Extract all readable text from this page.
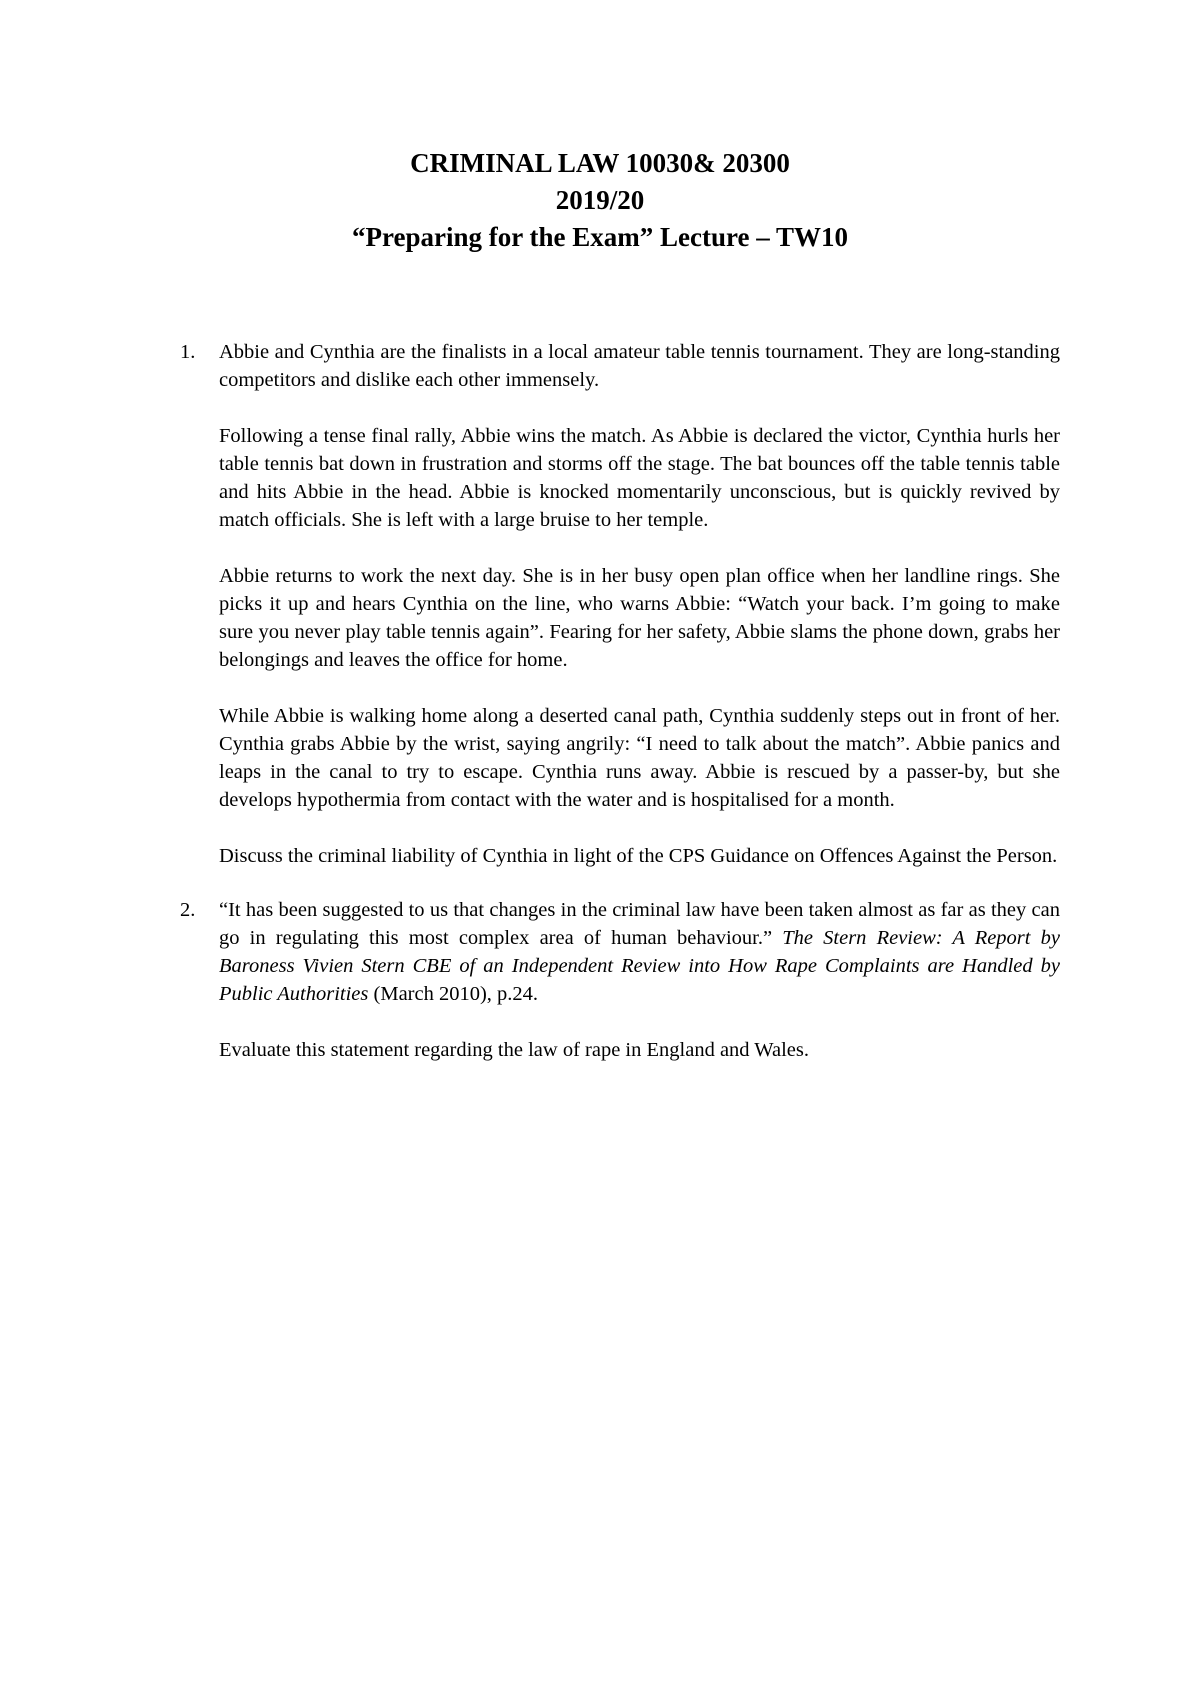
CRIMINAL LAW 10030& 20300
2019/20
“Preparing for the Exam” Lecture – TW10
1. Abbie and Cynthia are the finalists in a local amateur table tennis tournament. They are long-standing competitors and dislike each other immensely.

Following a tense final rally, Abbie wins the match. As Abbie is declared the victor, Cynthia hurls her table tennis bat down in frustration and storms off the stage. The bat bounces off the table tennis table and hits Abbie in the head. Abbie is knocked momentarily unconscious, but is quickly revived by match officials. She is left with a large bruise to her temple.

Abbie returns to work the next day. She is in her busy open plan office when her landline rings. She picks it up and hears Cynthia on the line, who warns Abbie: “Watch your back. I’m going to make sure you never play table tennis again”. Fearing for her safety, Abbie slams the phone down, grabs her belongings and leaves the office for home.

While Abbie is walking home along a deserted canal path, Cynthia suddenly steps out in front of her. Cynthia grabs Abbie by the wrist, saying angrily: “I need to talk about the match”. Abbie panics and leaps in the canal to try to escape. Cynthia runs away. Abbie is rescued by a passer-by, but she develops hypothermia from contact with the water and is hospitalised for a month.

Discuss the criminal liability of Cynthia in light of the CPS Guidance on Offences Against the Person.

2. “It has been suggested to us that changes in the criminal law have been taken almost as far as they can go in regulating this most complex area of human behaviour.” The Stern Review: A Report by Baroness Vivien Stern CBE of an Independent Review into How Rape Complaints are Handled by Public Authorities (March 2010), p.24.

Evaluate this statement regarding the law of rape in England and Wales.
